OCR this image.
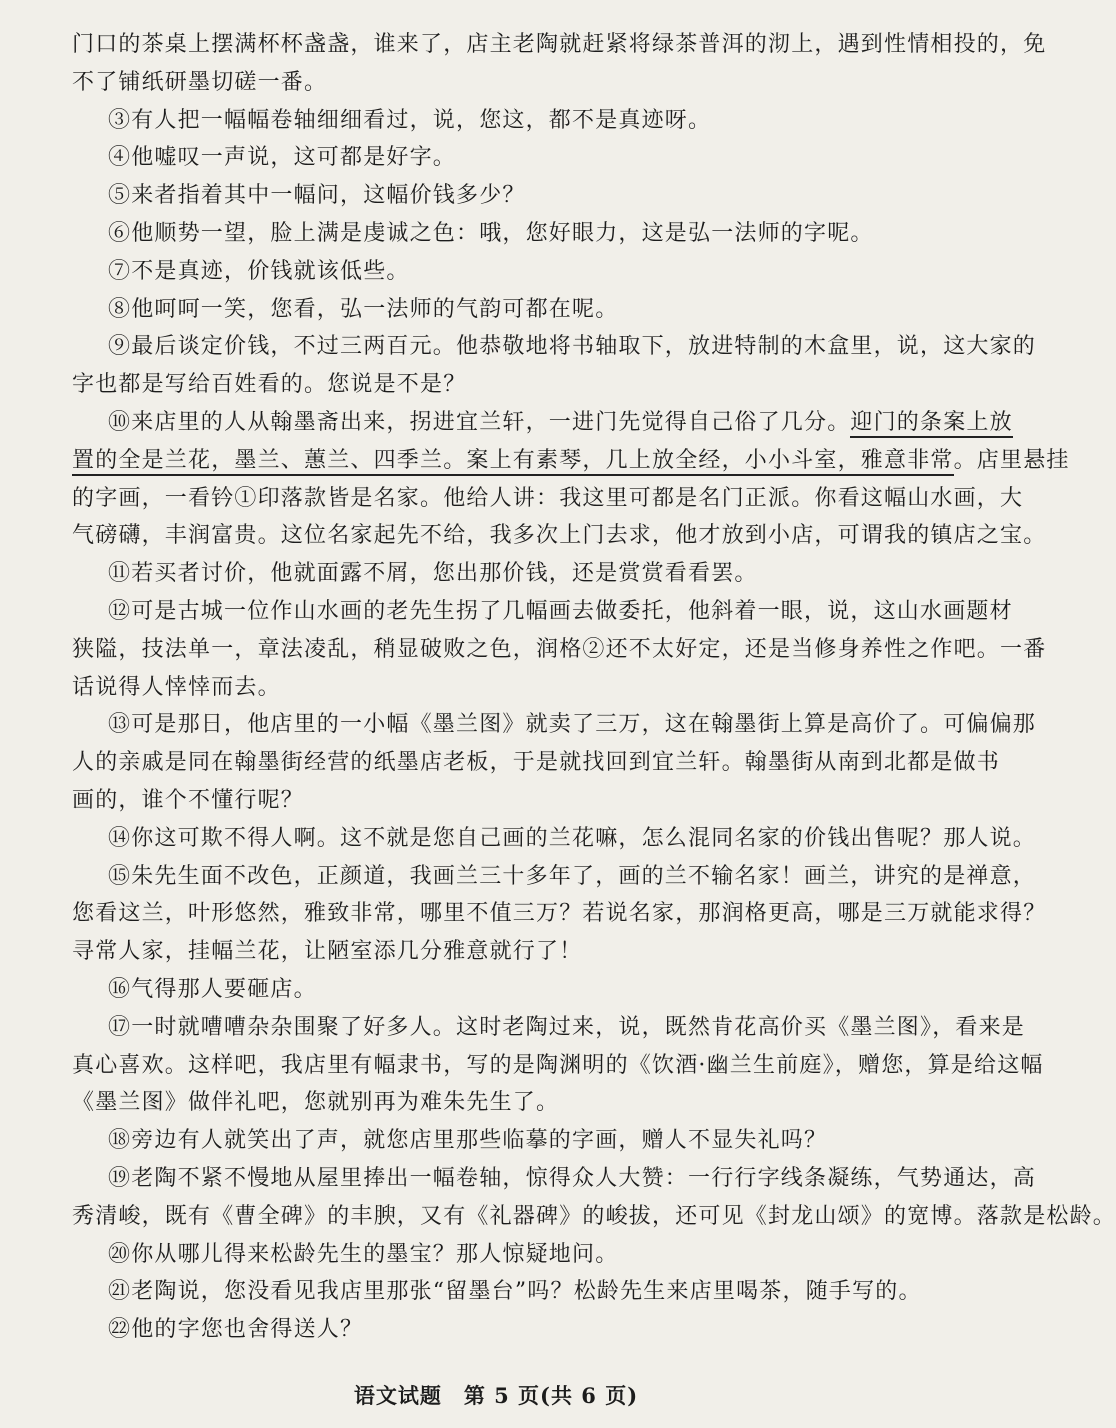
门口的茶桌上摆满杯杯盏盏，谁来了，店主老陶就赶紧将绿茶普洱的沏上，遇到性情相投的，免
不了铺纸研墨切磋一番。
③有人把一幅幅卷轴细细看过，说，您这，都不是真迹呀。
④他嘘叹一声说，这可都是好字。
⑤来者指着其中一幅问，这幅价钱多少？
⑥他顺势一望，脸上满是虔诚之色：哦，您好眼力，这是弘一法师的字呢。
⑦不是真迹，价钱就该低些。
⑧他呵呵一笑，您看，弘一法师的气韵可都在呢。
⑨最后谈定价钱，不过三两百元。他恭敬地将书轴取下，放进特制的木盒里，说，这大家的
字也都是写给百姓看的。您说是不是？
⑩来店里的人从翰墨斋出来，拐进宜兰轩，一进门先觉得自己俗了几分。迎门的条案上放
置的全是兰花，墨兰、蕙兰、四季兰。案上有素琴，几上放全经，小小斗室，雅意非常。店里悬挂
的字画，一看钤①印落款皆是名家。他给人讲：我这里可都是名门正派。你看这幅山水画，大
气磅礴，丰润富贵。这位名家起先不给，我多次上门去求，他才放到小店，可谓我的镇店之宝。
⑪若买者讨价，他就面露不屑，您出那价钱，还是赏赏看看罢。
⑫可是古城一位作山水画的老先生拐了几幅画去做委托，他斜着一眼，说，这山水画题材
狭隘，技法单一，章法凌乱，稍显破败之色，润格②还不太好定，还是当修身养性之作吧。一番
话说得人悻悻而去。
⑬可是那日，他店里的一小幅《墨兰图》就卖了三万，这在翰墨街上算是高价了。可偏偏那
人的亲戚是同在翰墨街经营的纸墨店老板，于是就找回到宜兰轩。翰墨街从南到北都是做书
画的，谁个不懂行呢？
⑭你这可欺不得人啊。这不就是您自己画的兰花嘛，怎么混同名家的价钱出售呢？那人说。
⑮朱先生面不改色，正颜道，我画兰三十多年了，画的兰不输名家！画兰，讲究的是禅意，
您看这兰，叶形悠然，雅致非常，哪里不值三万？若说名家，那润格更高，哪是三万就能求得？
寻常人家，挂幅兰花，让陋室添几分雅意就行了！
⑯气得那人要砸店。
⑰一时就嘈嘈杂杂围聚了好多人。这时老陶过来，说，既然肯花高价买《墨兰图》，看来是
真心喜欢。这样吧，我店里有幅隶书，写的是陶渊明的《饮酒·幽兰生前庭》，赠您，算是给这幅
《墨兰图》做伴礼吧，您就别再为难朱先生了。
⑱旁边有人就笑出了声，就您店里那些临摹的字画，赠人不显失礼吗？
⑲老陶不紧不慢地从屋里捧出一幅卷轴，惊得众人大赞：一行行字线条凝练，气势通达，高
秀清峻，既有《曹全碑》的丰腴，又有《礼器碑》的峻拔，还可见《封龙山颂》的宽博。落款是松龄。
⑳你从哪儿得来松龄先生的墨宝？那人惊疑地问。
㉑老陶说，您没看见我店里那张“留墨台”吗？松龄先生来店里喝茶，随手写的。
㉒他的字您也舍得送人？
语文试题　第 5 页(共 6 页)
